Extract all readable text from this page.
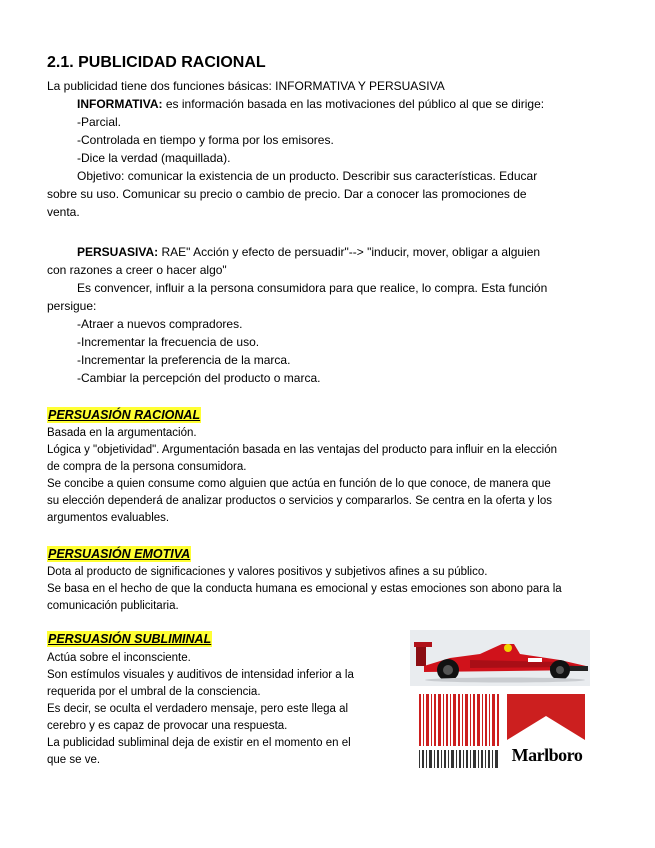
2.1. PUBLICIDAD RACIONAL

La publicidad tiene dos funciones básicas: INFORMATIVA Y PERSUASIVA

INFORMATIVA: es información basada en las motivaciones del público al que se dirige:
-Parcial.
-Controlada en tiempo y forma por los emisores.
-Dice la verdad (maquillada).
Objetivo: comunicar la existencia de un producto. Describir sus características. Educar
sobre su uso. Comunicar su precio o cambio de precio. Dar a conocer las promociones de
venta.
PERSUASIVA: RAE" Acción y efecto de persuadir"--> "inducir, mover, obligar a alguien
con razones a creer o hacer algo"
Es convencer, influir a la persona consumidora para que realice, lo compra. Esta función
persigue:
-Atraer a nuevos compradores.
-Incrementar la frecuencia de uso.
-Incrementar la preferencia de la marca.
-Cambiar la percepción del producto o marca.
PERSUASIÓN RACIONAL
Basada en la argumentación.
Lógica y "objetividad". Argumentación basada en las ventajas del producto para influir en la elección
de compra de la persona consumidora.
Se concibe a quien consume como alguien que actúa en función de lo que conoce, de manera que
su elección dependerá de analizar productos o servicios y compararlos. Se centra en la oferta y los
argumentos evaluables.
PERSUASIÓN EMOTIVA
Dota al producto de significaciones y valores positivos y subjetivos afines a su público.
Se basa en el hecho de que la conducta humana es emocional y estas emociones son abono para la
comunicación publicitaria.
PERSUASIÓN SUBLIMINAL
Actúa sobre el inconsciente.
Son estímulos visuales y auditivos de intensidad inferior a la
requerida por el umbral de la consciencia.
Es decir, se oculta el verdadero mensaje, pero este llega al
cerebro y es capaz de provocar una respuesta.
La publicidad subliminal deja de existir en el momento en el
que se ve.	Marlboro
